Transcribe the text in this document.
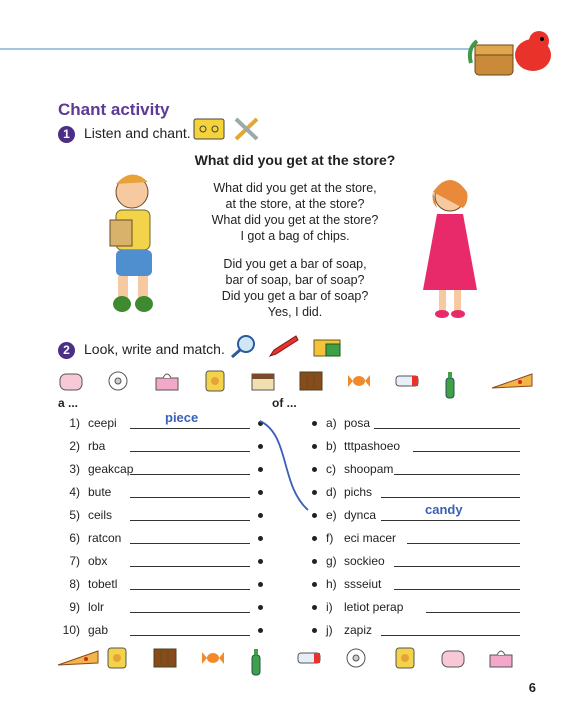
Chant activity
1	Listen and chant.
What did you get at the store?
What did you get at the store,
at the store, at the store?
What did you get at the store?
I got a bag of chips.
Did you get a bar of soap,
bar of soap, bar of soap?
Did you get a bar of soap?
Yes, I did.
2	Look, write and match.
a ...	of ...
1) ceepi	piece
2) rba
3) geakcap
4) bute
5) ceils
6) ratcon
7) obx
8) tobetl
9) lolr
10) gab
a) posa
b) tttpashoeo
c) shoopam
d) pichs
e) dynca	candy
f) eci macer
g) sockieo
h) ssseiut
i) letiot perap
j) zapiz
6
